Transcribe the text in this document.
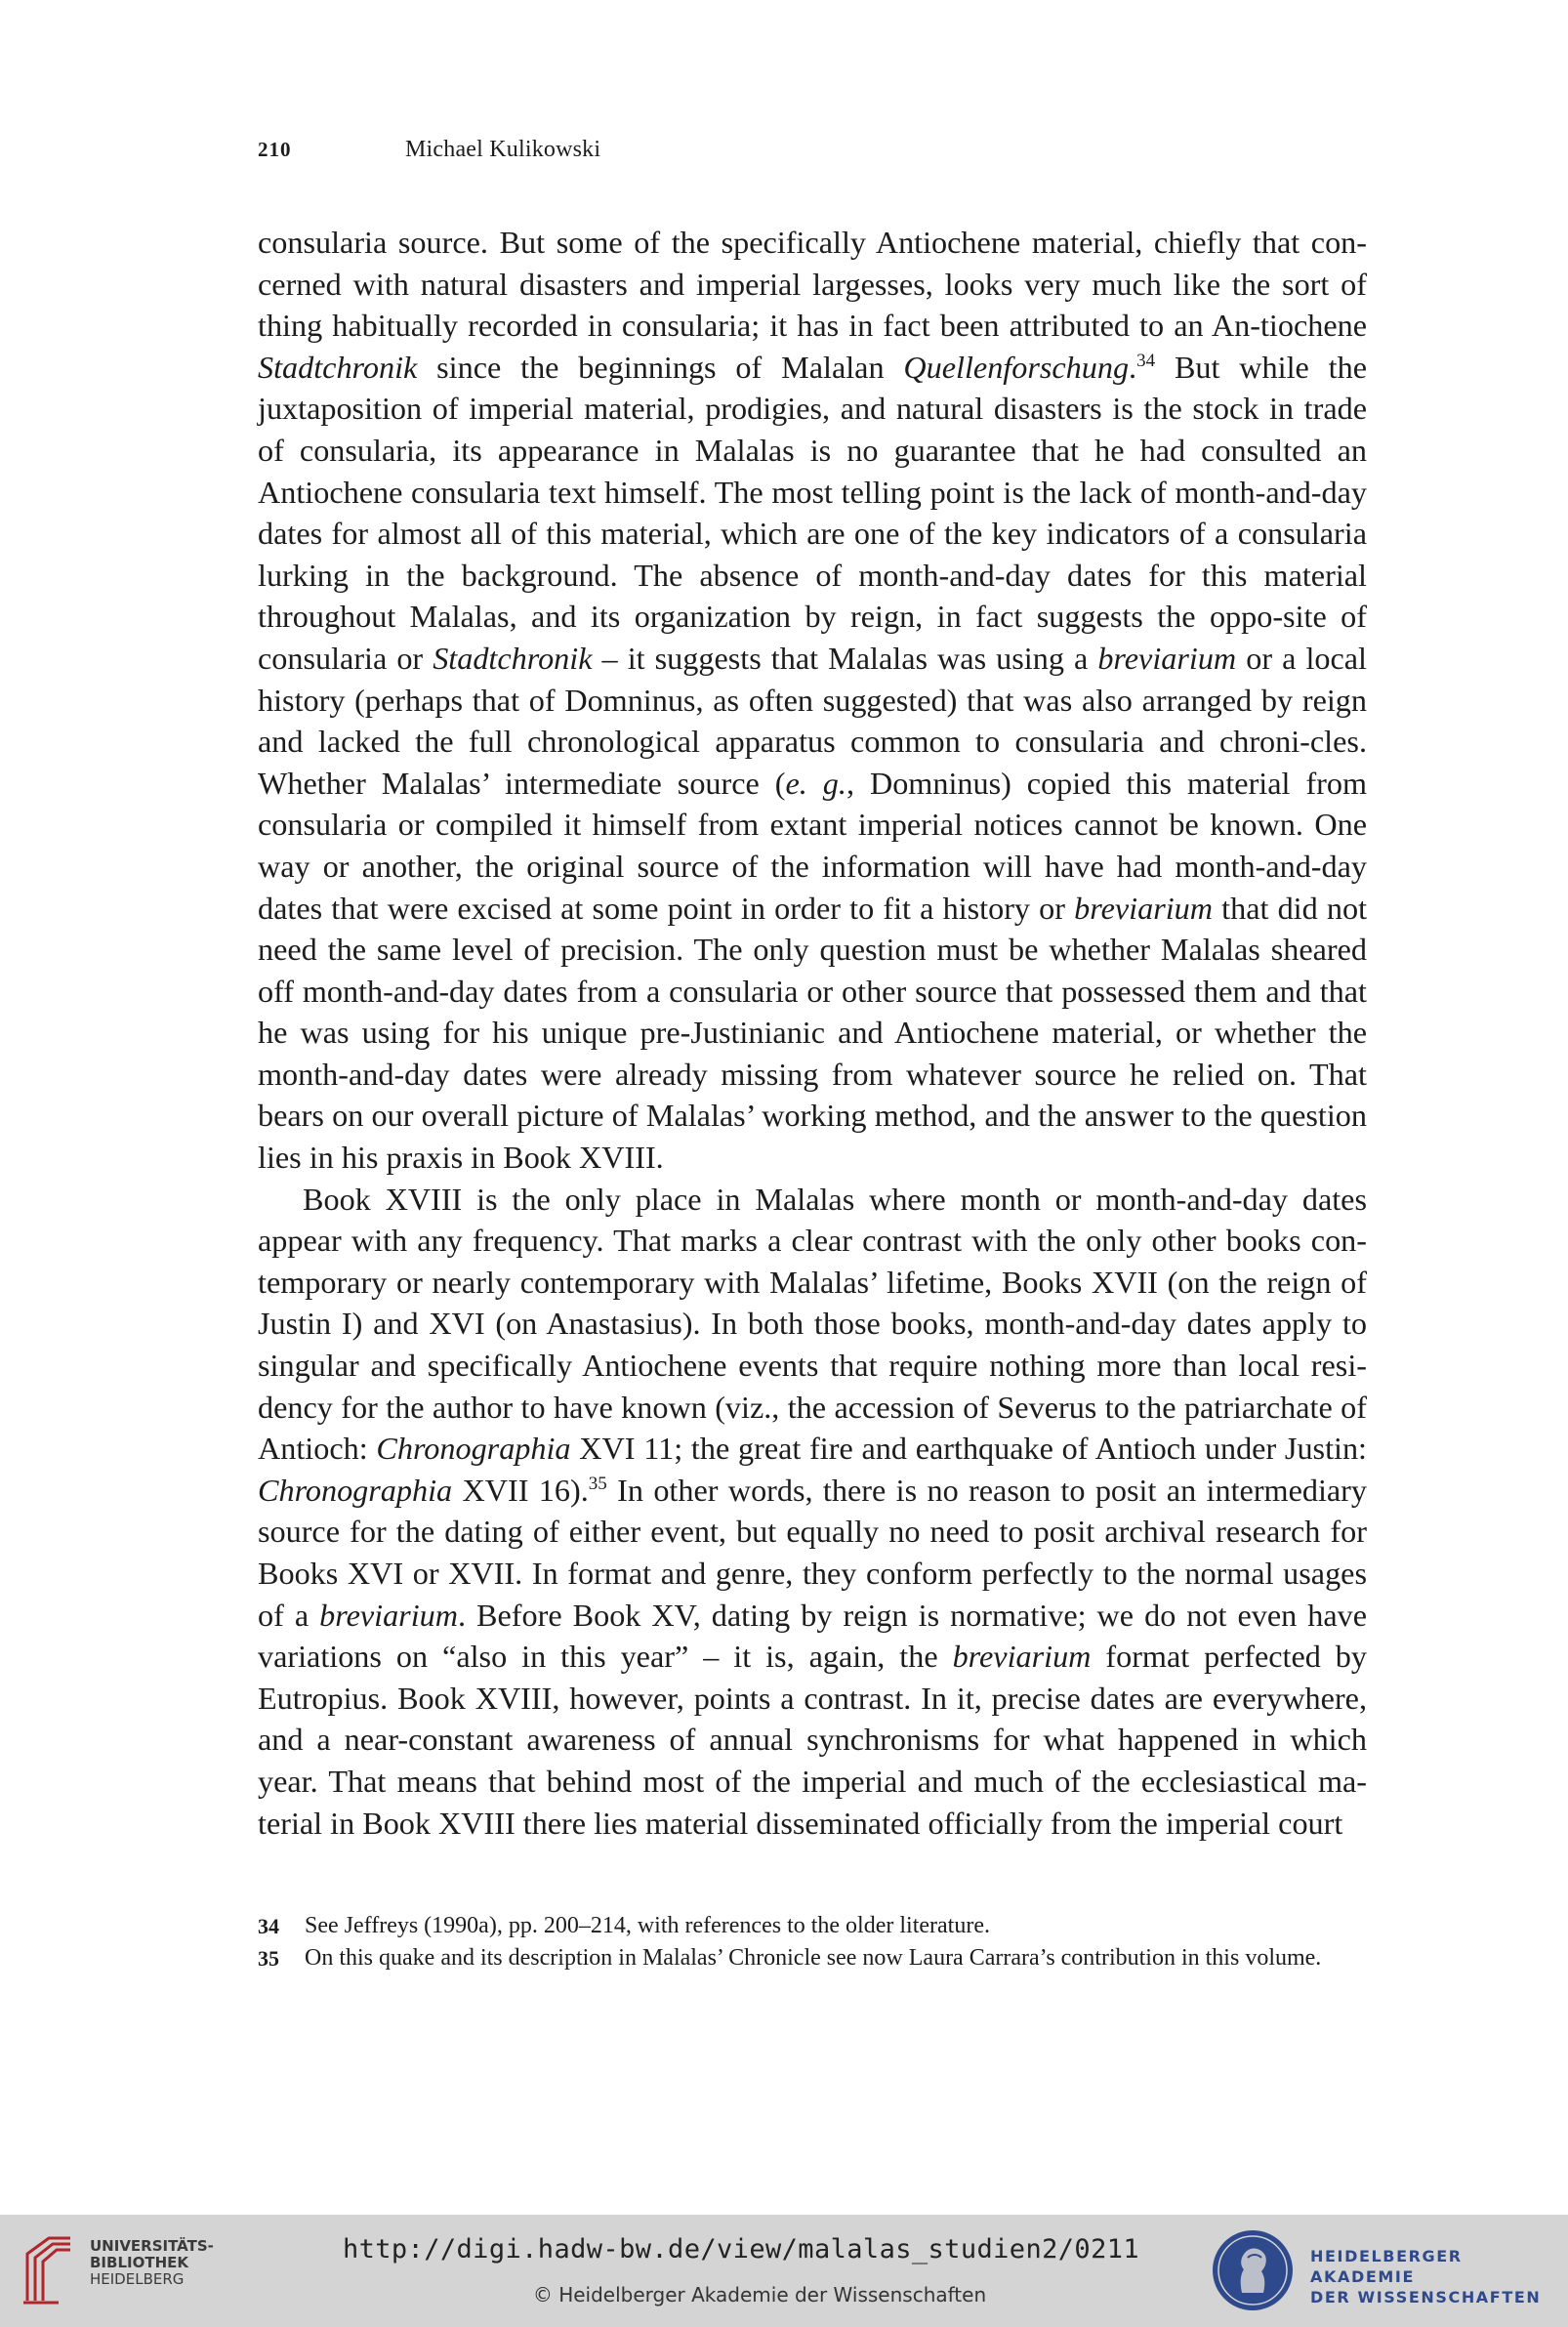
210	Michael Kulikowski

consularia source. But some of the specifically Antiochene material, chiefly that con-cerned with natural disasters and imperial largesses, looks very much like the sort of thing habitually recorded in consularia; it has in fact been attributed to an An-tiochene Stadtchronik since the beginnings of Malalan Quellenforschung.$^{34}$ But while the juxtaposition of imperial material, prodigies, and natural disasters is the stock in trade of consularia, its appearance in Malalas is no guarantee that he had consulted an Antiochene consularia text himself. The most telling point is the lack of month-and-day dates for almost all of this material, which are one of the key indicators of a consularia lurking in the background. The absence of month-and-day dates for this material throughout Malalas, and its organization by reign, in fact suggests the oppo-site of consularia or Stadtchronik – it suggests that Malalas was using a breviarium or a local history (perhaps that of Domninus, as often suggested) that was also arranged by reign and lacked the full chronological apparatus common to consularia and chroni-cles. Whether Malalas’ intermediate source (e. g., Domninus) copied this material from consularia or compiled it himself from extant imperial notices cannot be known. One way or another, the original source of the information will have had month-and-day dates that were excised at some point in order to fit a history or breviarium that did not need the same level of precision. The only question must be whether Malalas sheared off month-and-day dates from a consularia or other source that possessed them and that he was using for his unique pre-Justinianic and Antiochene material, or whether the month-and-day dates were already missing from whatever source he relied on. That bears on our overall picture of Malalas’ working method, and the answer to the question lies in his praxis in Book XVIII.

Book XVIII is the only place in Malalas where month or month-and-day dates appear with any frequency. That marks a clear contrast with the only other books con-temporary or nearly contemporary with Malalas’ lifetime, Books XVII (on the reign of Justin I) and XVI (on Anastasius). In both those books, month-and-day dates apply to singular and specifically Antiochene events that require nothing more than local resi-dency for the author to have known (viz., the accession of Severus to the patriarchate of Antioch: Chronographia XVI 11; the great fire and earthquake of Antioch under Justin: Chronographia XVII 16).$^{35}$ In other words, there is no reason to posit an intermediary source for the dating of either event, but equally no need to posit archival research for Books XVI or XVII. In format and genre, they conform perfectly to the normal usages of a breviarium. Before Book XV, dating by reign is normative; we do not even have variations on “also in this year” – it is, again, the breviarium format perfected by Eutropius. Book XVIII, however, points a contrast. In it, precise dates are everywhere, and a near-constant awareness of annual synchronisms for what happened in which year. That means that behind most of the imperial and much of the ecclesiastical ma-terial in Book XVIII there lies material disseminated officially from the imperial court

34 See Jeffreys (1990a), pp. 200–214, with references to the older literature.
35 On this quake and its description in Malalas’ Chronicle see now Laura Carrara’s contribution in this volume.
UNIVERSITÄTS-
BIBLIOTHEK
HEIDELBERG
http://digi.hadw-bw.de/view/malalas_studien2/0211
© Heidelberger Akademie der Wissenschaften
HEIDELBERGER AKADEMIE
DER WISSENSCHAFTEN
